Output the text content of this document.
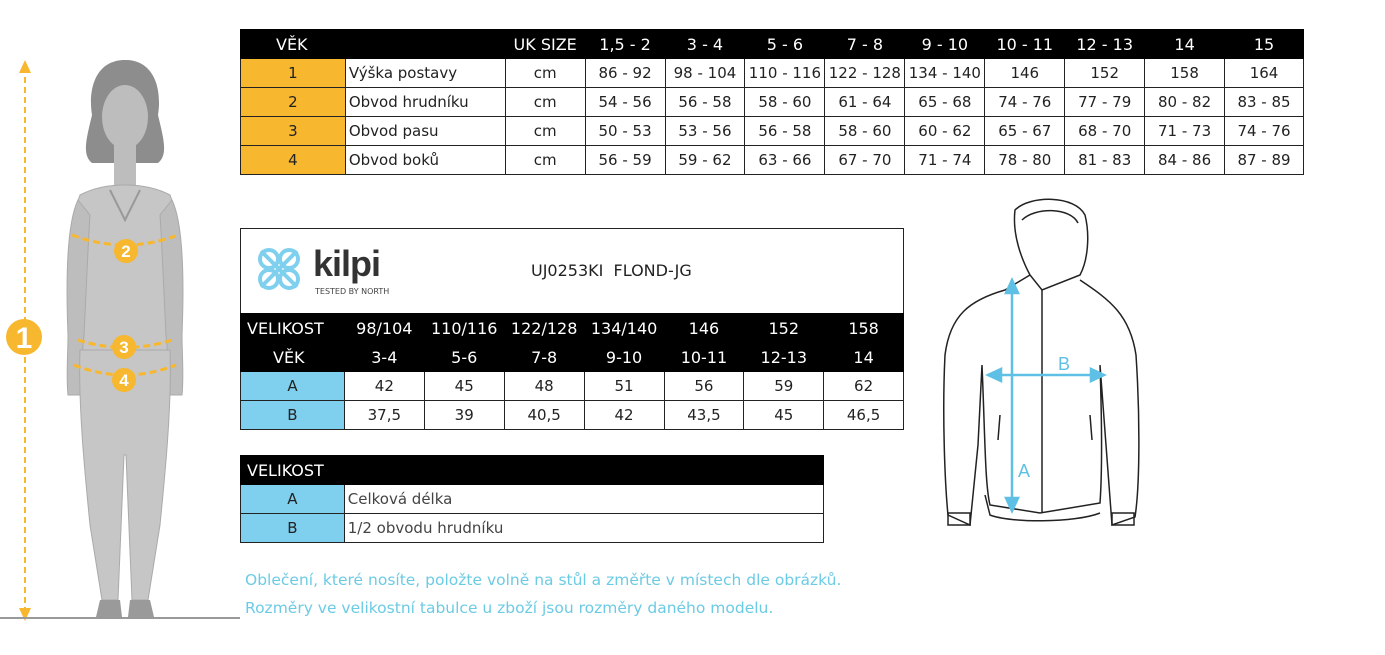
1
2
3
4
VĚK		UK SIZE	1,5 - 2	3 - 4	5 - 6	7 - 8	9 - 10	10 - 11	12 - 13	14	15
1	Výška postavy	cm	86 - 92	98 - 104	110 - 116	122 - 128	134 - 140	146	152	158	164
2	Obvod hrudníku	cm	54 - 56	56 - 58	58 - 60	61 - 64	65 - 68	74 - 76	77 - 79	80 - 82	83 - 85
3	Obvod pasu	cm	50 - 53	53 - 56	56 - 58	58 - 60	60 - 62	65 - 67	68 - 70	71 - 73	74 - 76
4	Obvod boků	cm	56 - 59	59 - 62	63 - 66	67 - 70	71 - 74	78 - 80	81 - 83	84 - 86	87 - 89
kilpi
TESTED BY NORTH
UJ0253KI  FLOND-JG
VELIKOST	98/104	110/116	122/128	134/140	146	152	158
VĚK	3-4	5-6	7-8	9-10	10-11	12-13	14
A	42	45	48	51	56	59	62
B	37,5	39	40,5	42	43,5	45	46,5
VELIKOST	
A	Celková délka
B	1/2 obvodu hrudníku
Oblečení, které nosíte, položte volně na stůl a změřte v místech dle obrázků.
Rozměry ve velikostní tabulce u zboží jsou rozměry daného modelu.
A
B
